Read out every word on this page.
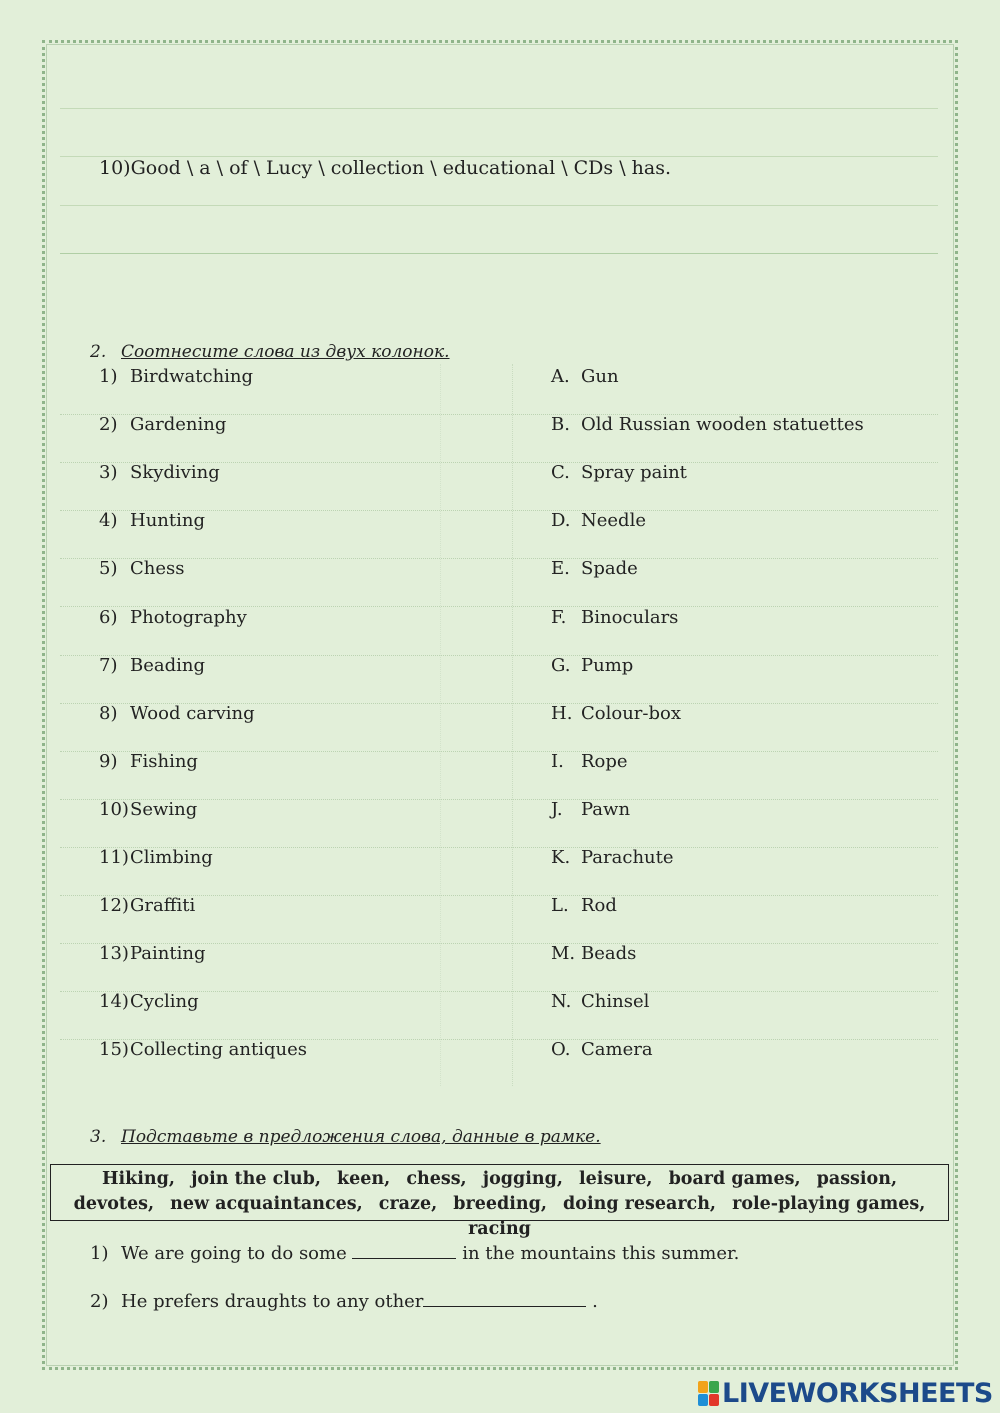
10)Good \ a \ of \ Lucy \ collection \ educational \ CDs \ has.
2. Соотнесите слова из двух колонок.
1) Birdwatching	A. Gun
2) Gardening	B. Old Russian wooden statuettes
3) Skydiving	C. Spray paint
4) Hunting	D. Needle
5) Chess	E. Spade
6) Photography	F. Binoculars
7) Beading	G. Pump
8) Wood carving	H. Colour-box
9) Fishing	I. Rope
10)Sewing	J. Pawn
11)Climbing	K. Parachute
12)Graffiti	L. Rod
13)Painting	M. Beads
14)Cycling	N. Chinsel
15)Collecting antiques	O. Camera
3. Подставьте в предложения слова, данные в рамке.
Hiking, join the club, keen, chess, jogging, leisure, board games, passion, devotes, new acquaintances, craze, breeding, doing research, role-playing games, racing
1) We are going to do some	in the mountains this summer.
2) He prefers draughts to any other	.
LIVEWORKSHEETS
